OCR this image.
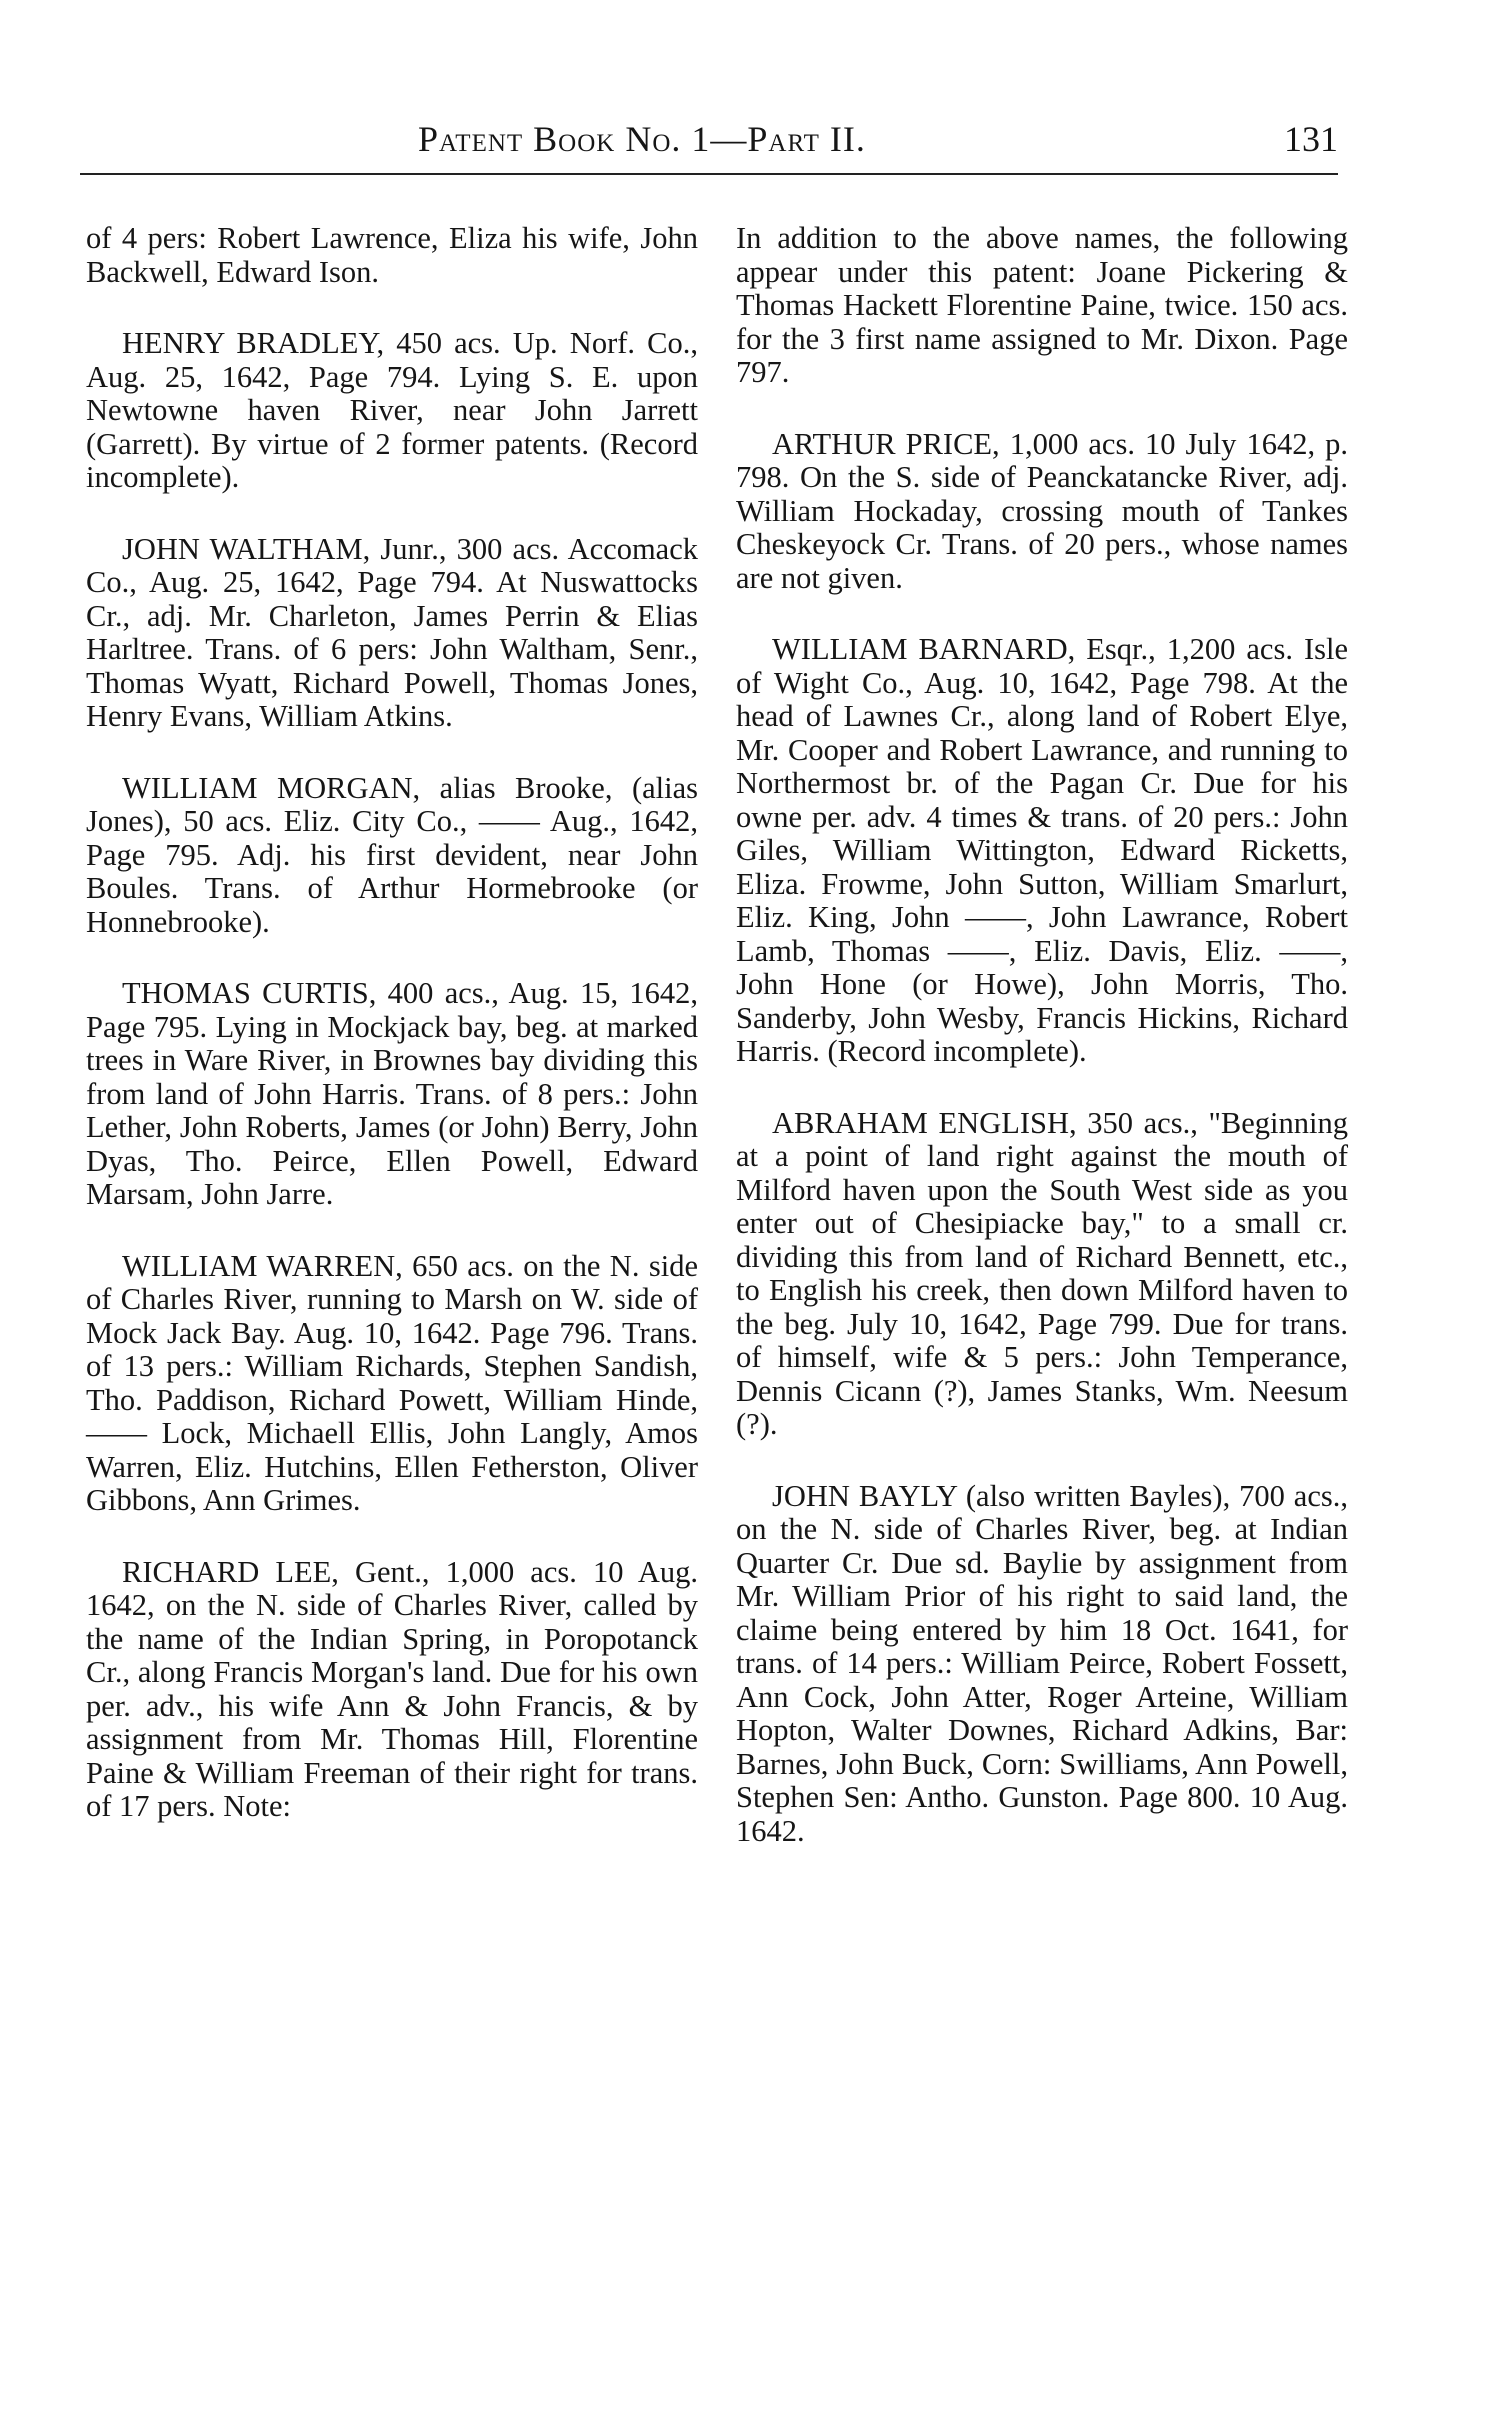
Patent Book No. 1—Part II.	131

of 4 pers: Robert Lawrence, Eliza his wife, John Backwell, Edward Ison.

HENRY BRADLEY, 450 acs. Up. Norf. Co., Aug. 25, 1642, Page 794. Lying S. E. upon Newtowne haven River, near John Jarrett (Garrett). By virtue of 2 former patents. (Record incomplete).

JOHN WALTHAM, Junr., 300 acs. Accomack Co., Aug. 25, 1642, Page 794. At Nuswattocks Cr., adj. Mr. Charleton, James Perrin & Elias Harltree. Trans. of 6 pers: John Waltham, Senr., Thomas Wyatt, Richard Powell, Thomas Jones, Henry Evans, William Atkins.

WILLIAM MORGAN, alias Brooke, (alias Jones), 50 acs. Eliz. City Co., —— Aug., 1642, Page 795. Adj. his first devident, near John Boules. Trans. of Arthur Hormebrooke (or Honnebrooke).

THOMAS CURTIS, 400 acs., Aug. 15, 1642, Page 795. Lying in Mockjack bay, beg. at marked trees in Ware River, in Brownes bay dividing this from land of John Harris. Trans. of 8 pers.: John Lether, John Roberts, James (or John) Berry, John Dyas, Tho. Peirce, Ellen Powell, Edward Marsam, John Jarre.

WILLIAM WARREN, 650 acs. on the N. side of Charles River, running to Marsh on W. side of Mock Jack Bay. Aug. 10, 1642. Page 796. Trans. of 13 pers.: William Richards, Stephen Sandish, Tho. Paddison, Richard Powett, William Hinde, —— Lock, Michaell Ellis, John Langly, Amos Warren, Eliz. Hutchins, Ellen Fetherston, Oliver Gibbons, Ann Grimes.

RICHARD LEE, Gent., 1,000 acs. 10 Aug. 1642, on the N. side of Charles River, called by the name of the Indian Spring, in Poropotanck Cr., along Francis Morgan's land. Due for his own per. adv., his wife Ann & John Francis, & by assignment from Mr. Thomas Hill, Florentine Paine & William Freeman of their right for trans. of 17 pers. Note:

In addition to the above names, the following appear under this patent: Joane Pickering & Thomas Hackett Florentine Paine, twice. 150 acs. for the 3 first name assigned to Mr. Dixon. Page 797.

ARTHUR PRICE, 1,000 acs. 10 July 1642, p. 798. On the S. side of Peanckatancke River, adj. William Hockaday, crossing mouth of Tankes Cheskeyock Cr. Trans. of 20 pers., whose names are not given.

WILLIAM BARNARD, Esqr., 1,200 acs. Isle of Wight Co., Aug. 10, 1642, Page 798. At the head of Lawnes Cr., along land of Robert Elye, Mr. Cooper and Robert Lawrance, and running to Northermost br. of the Pagan Cr. Due for his owne per. adv. 4 times & trans. of 20 pers.: John Giles, William Wittington, Edward Ricketts, Eliza. Frowme, John Sutton, William Smarlurt, Eliz. King, John ——, John Lawrance, Robert Lamb, Thomas ——, Eliz. Davis, Eliz. ——, John Hone (or Howe), John Morris, Tho. Sanderby, John Wesby, Francis Hickins, Richard Harris. (Record incomplete).

ABRAHAM ENGLISH, 350 acs., "Beginning at a point of land right against the mouth of Milford haven upon the South West side as you enter out of Chesipiacke bay," to a small cr. dividing this from land of Richard Bennett, etc., to English his creek, then down Milford haven to the beg. July 10, 1642, Page 799. Due for trans. of himself, wife & 5 pers.: John Temperance, Dennis Cicann (?), James Stanks, Wm. Neesum (?).

JOHN BAYLY (also written Bayles), 700 acs., on the N. side of Charles River, beg. at Indian Quarter Cr. Due sd. Baylie by assignment from Mr. William Prior of his right to said land, the claime being entered by him 18 Oct. 1641, for trans. of 14 pers.: William Peirce, Robert Fossett, Ann Cock, John Atter, Roger Arteine, William Hopton, Walter Downes, Richard Adkins, Bar: Barnes, John Buck, Corn: Swilliams, Ann Powell, Stephen Sen: Antho. Gunston. Page 800. 10 Aug. 1642.
